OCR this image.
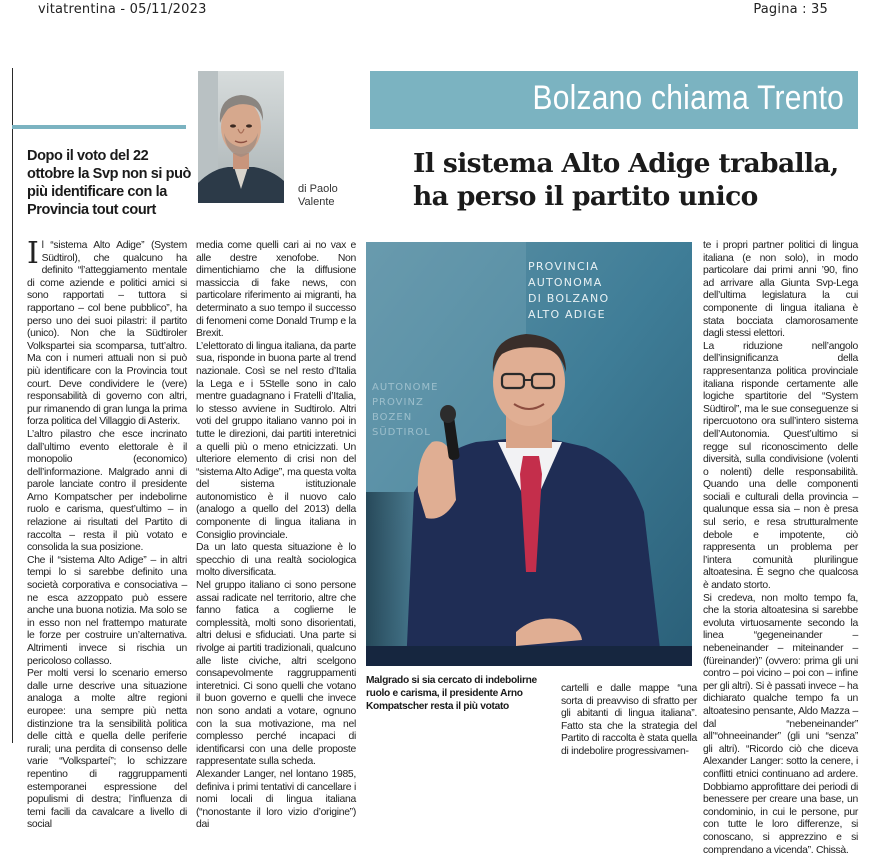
vitatrentina - 05/11/2023	Pagina : 35
Bolzano chiama Trento
di Paolo
Valente
Dopo il voto del 22 ottobre la Svp non si può più identificare con la Provincia tout court
Il sistema Alto Adige traballa,
ha perso il partito unico

Il “sistema Alto Adige” (System Südtirol), che qualcuno ha definito “l’atteggiamento mentale di come aziende e politici amici si sono rapportati – tuttora si rapportano – col bene pubblico”, ha perso uno dei suoi pilastri: il partito (unico). Non che la Südtiroler Volkspartei sia scomparsa, tutt’altro. Ma con i numeri attuali non si può più identificare con la Provincia tout court. Deve condividere le (vere) responsabilità di governo con altri, pur rimanendo di gran lunga la prima forza politica del Villaggio di Asterix.

L’altro pilastro che esce incrinato dall’ultimo evento elettorale è il monopolio (economico) dell’informazione. Malgrado anni di parole lanciate contro il presidente Arno Kompatscher per indebolirne ruolo e carisma, quest’ultimo – in relazione ai risultati del Partito di raccolta – resta il più votato e consolida la sua posizione.

Che il “sistema Alto Adige” – in altri tempi lo si sarebbe definito una società corporativa e consociativa – ne esca azzoppato può essere anche una buona notizia. Ma solo se in esso non nel frattempo maturate le forze per costruire un’alternativa. Altrimenti invece si rischia un pericoloso collasso.

Per molti versi lo scenario emerso dalle urne descrive una situazione analoga a molte altre regioni europee: una sempre più netta distinzione tra la sensibilità politica delle città e quella delle periferie rurali; una perdita di consenso delle varie “Volksparteí”; lo schizzare repentino di raggruppamenti estemporanei espressione del populismi di destra; l’influenza di temi facili da cavalcare a livello di social

media come quelli cari ai no vax e alle destre xenofobe. Non dimentichiamo che la diffusione massiccia di fake news, con particolare riferimento ai migranti, ha determinato a suo tempo il successo di fenomeni come Donald Trump e la Brexit.

L’elettorato di lingua italiana, da parte sua, risponde in buona parte al trend nazionale. Così se nel resto d’Italia la Lega e i 5Stelle sono in calo mentre guadagnano i Fratelli d’Italia, lo stesso avviene in Sudtirolo. Altri voti del gruppo italiano vanno poi in tutte le direzioni, dai partiti interetnici a quelli più o meno etnicizzati. Un ulteriore elemento di crisi non del “sistema Alto Adige”, ma questa volta del sistema istituzionale autonomistico è il nuovo calo (analogo a quello del 2013) della componente di lingua italiana in Consiglio provinciale.

Da un lato questa situazione è lo specchio di una realtà sociologica molto diversificata.

Nel gruppo italiano ci sono persone assai radicate nel territorio, altre che fanno fatica a coglierne le complessità, molti sono disorientati, altri delusi e sfiduciati. Una parte si rivolge ai partiti tradizionali, qualcuno alle liste civiche, altri scelgono consapevolmente raggruppamenti interetnici. Ci sono quelli che votano il buon governo e quelli che invece non sono andati a votare, ognuno con la sua motivazione, ma nel complesso perché incapaci di identificarsi con una delle proposte rappresentate sulla scheda.

Alexander Langer, nel lontano 1985, definiva i primi tentativi di cancellare i nomi locali di lingua italiana (“nonostante il loro vizio d’origine”) dai

PROVINCIA
AUTONOMA
DI BOLZANO
ALTO ADIGE
AUTONOME
PROVINZ
BOZEN
SÜDTIROL
Malgrado si sia cercato di indebolirne ruolo e carisma, il presidente Arno Kompatscher resta il più votato

cartelli e dalle mappe “una sorta di preavviso di sfratto per gli abitanti di lingua italiana”. Fatto sta che la strategia del Partito di raccolta è stata quella di indebolire progressivamen-

te i propri partner politici di lingua italiana (e non solo), in modo particolare dai primi anni ’90, fino ad arrivare alla Giunta Svp-Lega dell’ultima legislatura la cui componente di lingua italiana è stata bocciata clamorosamente dagli stessi elettori.

La riduzione nell’angolo dell’insignificanza della rappresentanza politica provinciale italiana risponde certamente alle logiche spartitorie del “System Südtirol”, ma le sue conseguenze si ripercuotono ora sull’intero sistema dell’Autonomia. Quest’ultimo si regge sul riconoscimento delle diversità, sulla condivisione (volenti o nolenti) delle responsabilità. Quando una delle componenti sociali e culturali della provincia – qualunque essa sia – non è presa sul serio, e resa strutturalmente debole e impotente, ciò rappresenta un problema per l’intera comunità plurilingue altoatesina. È segno che qualcosa è andato storto.

Si credeva, non molto tempo fa, che la storia altoatesina si sarebbe evoluta virtuosamente secondo la linea “gegeneinander – nebeneinander – miteinander – (füreinander)” (ovvero: prima gli uni contro – poi vicino – poi con – infine per gli altri). Si è passati invece – ha dichiarato qualche tempo fa un altoatesino pensante, Aldo Mazza – dal “nebeneinander” all’“ohneeinander” (gli uni “senza” gli altri). “Ricordo ciò che diceva Alexander Langer: sotto la cenere, i conflitti etnici continuano ad ardere. Dobbiamo approfittare dei periodi di benessere per creare una base, un condominio, in cui le persone, pur con tutte le loro differenze, si conoscano, si apprezzino e si comprendano a vicenda”. Chissà.
